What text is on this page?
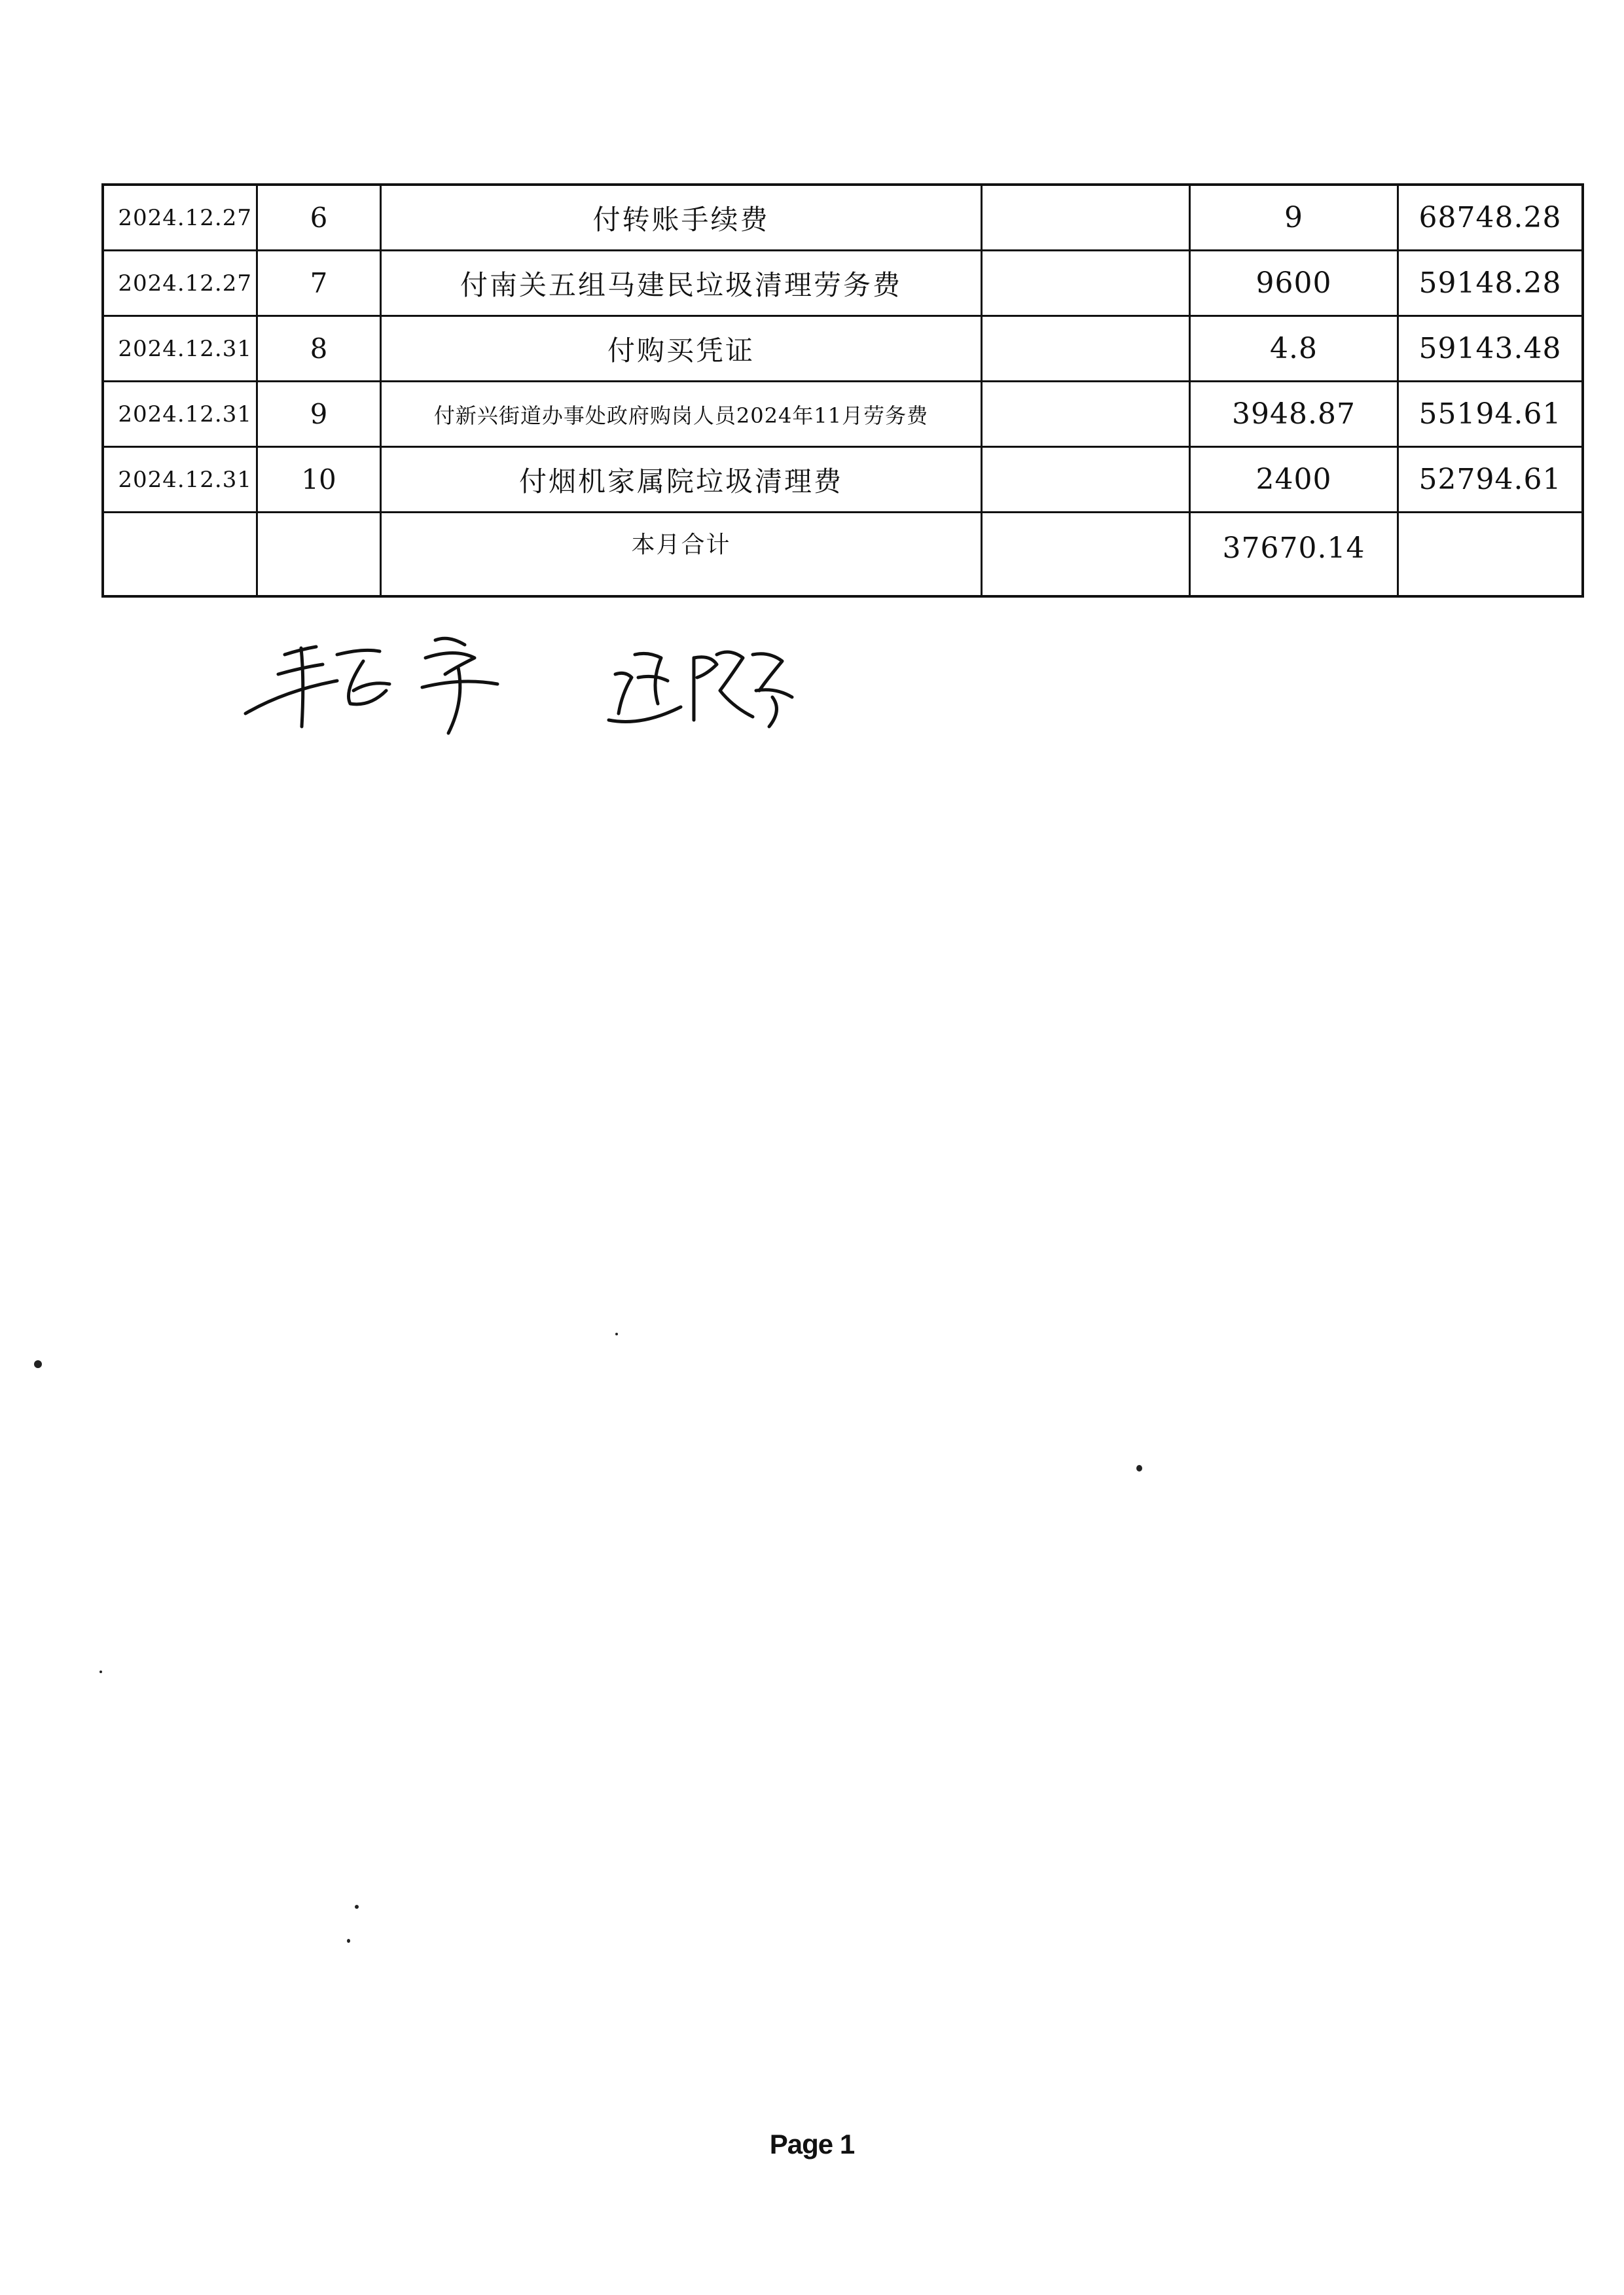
2024.12.27	6	付转账手续费		9	68748.28
2024.12.27	7	付南关五组马建民垃圾清理劳务费		9600	59148.28
2024.12.31	8	付购买凭证		4.8	59143.48
2024.12.31	9	付新兴街道办事处政府购岗人员2024年11月劳务费		3948.87	55194.61
2024.12.31	10	付烟机家属院垃圾清理费		2400	52794.61
		本月合计		37670.14	
Page 1
